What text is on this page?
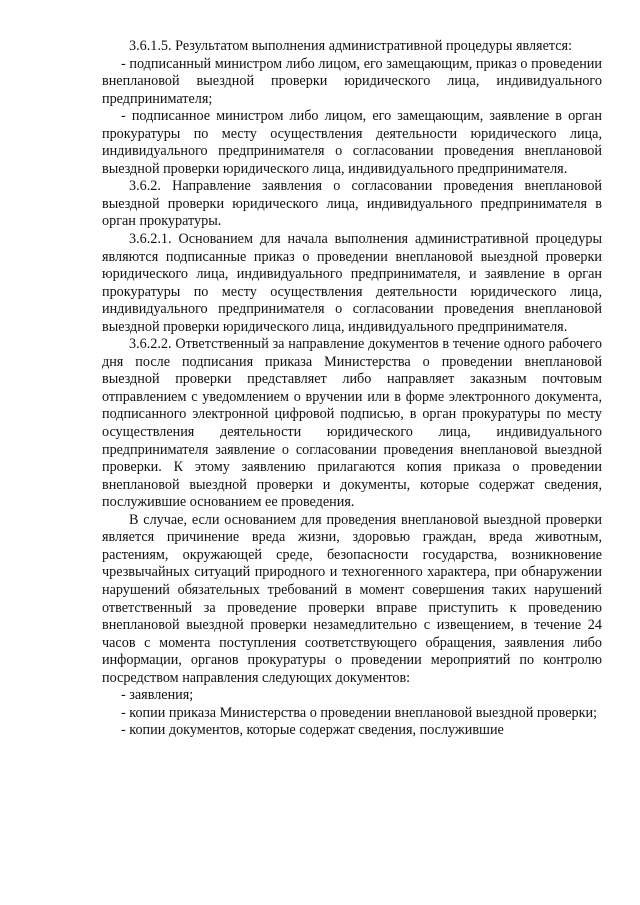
3.6.1.5. Результатом выполнения административной процедуры является:

- подписанный министром либо лицом, его замещающим, приказ о проведении внеплановой выездной проверки юридического лица, индивидуального предпринимателя;

- подписанное министром либо лицом, его замещающим, заявление в орган прокуратуры по месту осуществления деятельности юридического лица, индивидуального предпринимателя о согласовании проведения внеплановой выездной проверки юридического лица, индивидуального предпринимателя.

3.6.2. Направление заявления о согласовании проведения внеплановой выездной проверки юридического лица, индивидуального предпринимателя в орган прокуратуры.

3.6.2.1. Основанием для начала выполнения административной процедуры являются подписанные приказ о проведении внеплановой выездной проверки юридического лица, индивидуального предпринимателя, и заявление в орган прокуратуры по месту осуществления деятельности юридического лица, индивидуального предпринимателя о согласовании проведения внеплановой выездной проверки юридического лица, индивидуального предпринимателя.

3.6.2.2. Ответственный за направление документов в течение одного рабочего дня после подписания приказа Министерства о проведении внеплановой выездной проверки представляет либо направляет заказным почтовым отправлением с уведомлением о вручении или в форме электронного документа, подписанного электронной цифровой подписью, в орган прокуратуры по месту осуществления деятельности юридического лица, индивидуального предпринимателя заявление о согласовании проведения внеплановой выездной проверки. К этому заявлению прилагаются копия приказа о проведении внеплановой выездной проверки и документы, которые содержат сведения, послужившие основанием ее проведения.

В случае, если основанием для проведения внеплановой выездной проверки является причинение вреда жизни, здоровью граждан, вреда животным, растениям, окружающей среде, безопасности государства, возникновение чрезвычайных ситуаций природного и техногенного характера, при обнаружении нарушений обязательных требований в момент совершения таких нарушений ответственный за проведение проверки вправе приступить к проведению внеплановой выездной проверки незамедлительно с извещением, в течение 24 часов с момента поступления соответствующего обращения, заявления либо информации, органов прокуратуры о проведении мероприятий по контролю посредством направления следующих документов:

- заявления;

- копии приказа Министерства о проведении внеплановой выездной проверки;

- копии документов, которые содержат сведения, послужившие
